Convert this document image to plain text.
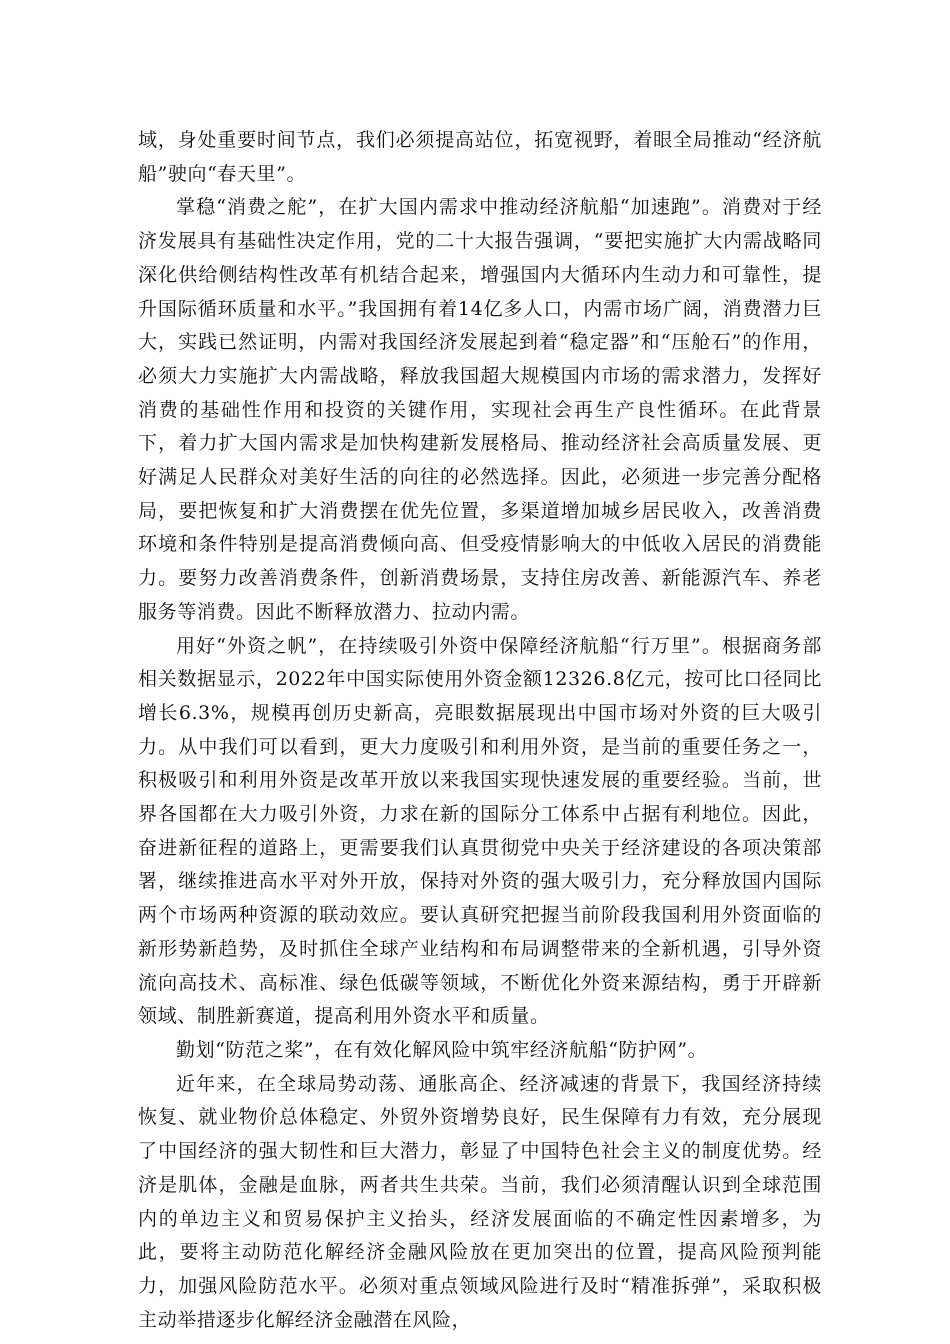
域，身处重要时间节点，我们必须提高站位，拓宽视野，着眼全局推动“经济航船”驶向“春天里”。

掌稳“消费之舵”，在扩大国内需求中推动经济航船“加速跑”。消费对于经济发展具有基础性决定作用，党的二十大报告强调，“要把实施扩大内需战略同深化供给侧结构性改革有机结合起来，增强国内大循环内生动力和可靠性，提升国际循环质量和水平。”我国拥有着14亿多人口，内需市场广阔，消费潜力巨大，实践已然证明，内需对我国经济发展起到着“稳定器”和“压舱石”的作用，必须大力实施扩大内需战略，释放我国超大规模国内市场的需求潜力，发挥好消费的基础性作用和投资的关键作用，实现社会再生产良性循环。在此背景下，着力扩大国内需求是加快构建新发展格局、推动经济社会高质量发展、更好满足人民群众对美好生活的向往的必然选择。因此，必须进一步完善分配格局，要把恢复和扩大消费摆在优先位置，多渠道增加城乡居民收入，改善消费环境和条件特别是提高消费倾向高、但受疫情影响大的中低收入居民的消费能力。要努力改善消费条件，创新消费场景，支持住房改善、新能源汽车、养老服务等消费。因此不断释放潜力、拉动内需。

用好“外资之帆”，在持续吸引外资中保障经济航船“行万里”。根据商务部相关数据显示，2022年中国实际使用外资金额12326.8亿元，按可比口径同比增长6.3%，规模再创历史新高，亮眼数据展现出中国市场对外资的巨大吸引力。从中我们可以看到，更大力度吸引和利用外资，是当前的重要任务之一，积极吸引和利用外资是改革开放以来我国实现快速发展的重要经验。当前，世界各国都在大力吸引外资，力求在新的国际分工体系中占据有利地位。因此，奋进新征程的道路上，更需要我们认真贯彻党中央关于经济建设的各项决策部署，继续推进高水平对外开放，保持对外资的强大吸引力，充分释放国内国际两个市场两种资源的联动效应。要认真研究把握当前阶段我国利用外资面临的新形势新趋势，及时抓住全球产业结构和布局调整带来的全新机遇，引导外资流向高技术、高标准、绿色低碳等领域，不断优化外资来源结构，勇于开辟新领域、制胜新赛道，提高利用外资水平和质量。

勤划“防范之桨”，在有效化解风险中筑牢经济航船“防护网”。

近年来，在全球局势动荡、通胀高企、经济减速的背景下，我国经济持续恢复、就业物价总体稳定、外贸外资增势良好，民生保障有力有效，充分展现了中国经济的强大韧性和巨大潜力，彰显了中国特色社会主义的制度优势。经济是肌体，金融是血脉，两者共生共荣。当前，我们必须清醒认识到全球范围内的单边主义和贸易保护主义抬头，经济发展面临的不确定性因素增多，为此，要将主动防范化解经济金融风险放在更加突出的位置，提高风险预判能力，加强风险防范水平。必须对重点领域风险进行及时“精准拆弹”，采取积极主动举措逐步化解经济金融潜在风险，
